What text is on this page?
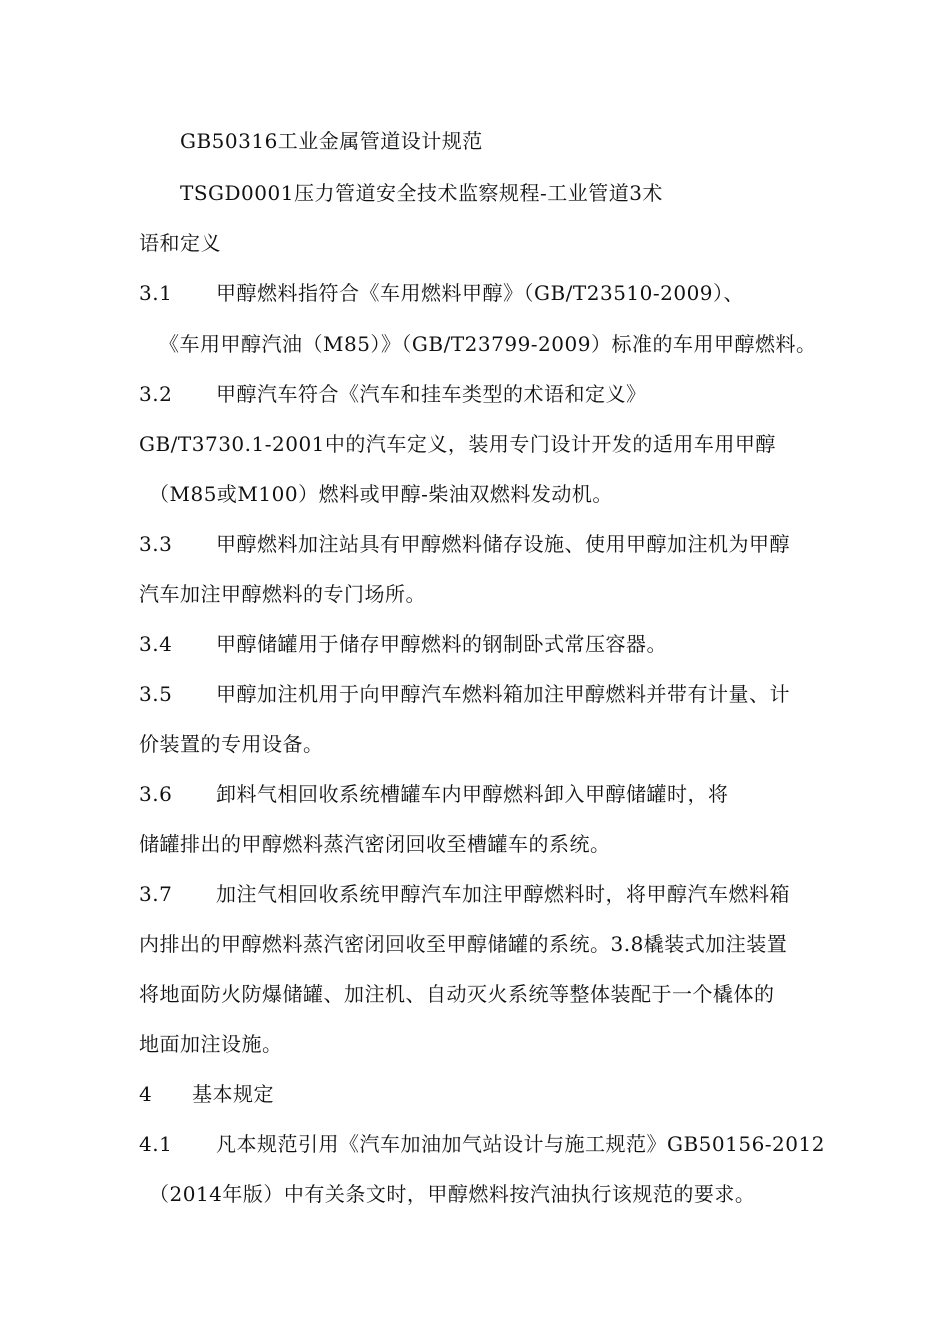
GB50316工业金属管道设计规范
TSGD0001压力管道安全技术监察规程-工业管道3术
语和定义
3.1 甲醇燃料指符合《车用燃料甲醇》（GB/T23510-2009）、
《车用甲醇汽油（M85）》（GB/T23799-2009）标准的车用甲醇燃料。
3.2 甲醇汽车符合《汽车和挂车类型的术语和定义》
GB/T3730.1-2001中的汽车定义，装用专门设计开发的适用车用甲醇
（M85或M100）燃料或甲醇-柴油双燃料发动机。
3.3 甲醇燃料加注站具有甲醇燃料储存设施、使用甲醇加注机为甲醇
汽车加注甲醇燃料的专门场所。
3.4 甲醇储罐用于储存甲醇燃料的钢制卧式常压容器。
3.5 甲醇加注机用于向甲醇汽车燃料箱加注甲醇燃料并带有计量、计
价装置的专用设备。
3.6 卸料气相回收系统槽罐车内甲醇燃料卸入甲醇储罐时，将
储罐排出的甲醇燃料蒸汽密闭回收至槽罐车的系统。
3.7 加注气相回收系统甲醇汽车加注甲醇燃料时，将甲醇汽车燃料箱
内排出的甲醇燃料蒸汽密闭回收至甲醇储罐的系统。3.8橇装式加注装置
将地面防火防爆储罐、加注机、自动灭火系统等整体装配于一个橇体的
地面加注设施。
4 基本规定
4.1 凡本规范引用《汽车加油加气站设计与施工规范》GB50156-2012
（2014年版）中有关条文时，甲醇燃料按汽油执行该规范的要求。
